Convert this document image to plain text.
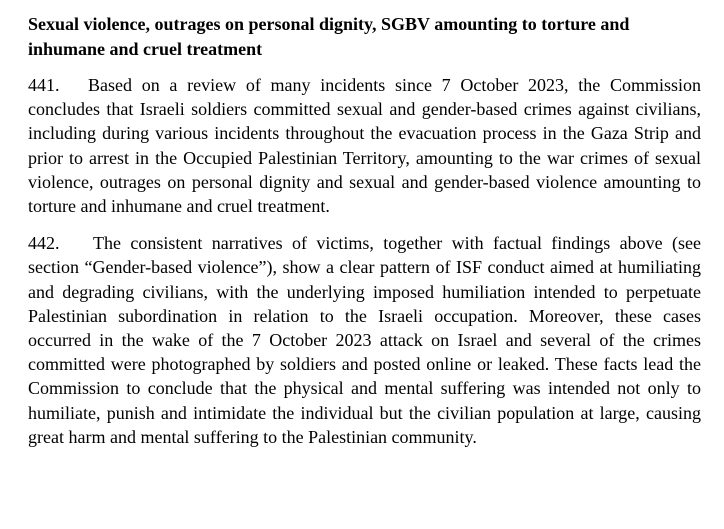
Sexual violence, outrages on personal dignity, SGBV amounting to torture and inhumane and cruel treatment
441. Based on a review of many incidents since 7 October 2023, the Commission concludes that Israeli soldiers committed sexual and gender-based crimes against civilians, including during various incidents throughout the evacuation process in the Gaza Strip and prior to arrest in the Occupied Palestinian Territory, amounting to the war crimes of sexual violence, outrages on personal dignity and sexual and gender-based violence amounting to torture and inhumane and cruel treatment.
442. The consistent narratives of victims, together with factual findings above (see section “Gender-based violence”), show a clear pattern of ISF conduct aimed at humiliating and degrading civilians, with the underlying imposed humiliation intended to perpetuate Palestinian subordination in relation to the Israeli occupation. Moreover, these cases occurred in the wake of the 7 October 2023 attack on Israel and several of the crimes committed were photographed by soldiers and posted online or leaked. These facts lead the Commission to conclude that the physical and mental suffering was intended not only to humiliate, punish and intimidate the individual but the civilian population at large, causing great harm and mental suffering to the Palestinian community.
